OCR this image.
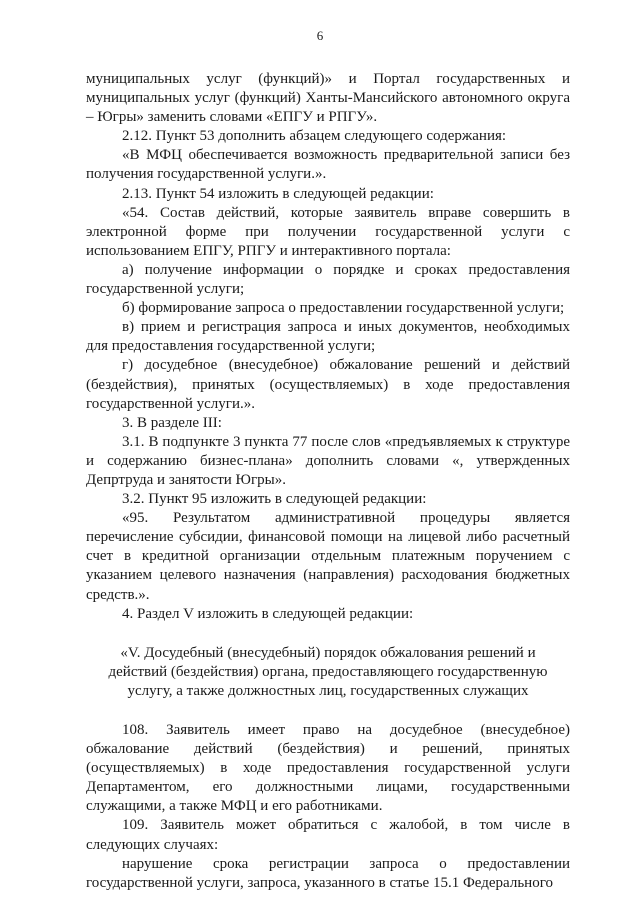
6

муниципальных услуг (функций)» и Портал государственных и муниципальных услуг (функций) Ханты-Мансийского автономного округа – Югры» заменить словами «ЕПГУ и РПГУ».

2.12. Пункт 53 дополнить абзацем следующего содержания:

«В МФЦ обеспечивается возможность предварительной записи без получения государственной услуги.».

2.13. Пункт 54 изложить в следующей редакции:

«54. Состав действий, которые заявитель вправе совершить в электронной форме при получении государственной услуги с использованием ЕПГУ, РПГУ и интерактивного портала:

а) получение информации о порядке и сроках предоставления государственной услуги;

б) формирование запроса о предоставлении государственной услуги;

в) прием и регистрация запроса и иных документов, необходимых для предоставления государственной услуги;

г) досудебное (внесудебное) обжалование решений и действий (бездействия), принятых (осуществляемых) в ходе предоставления государственной услуги.».

3. В разделе III:

3.1. В подпункте 3 пункта 77 после слов «предъявляемых к структуре и содержанию бизнес-плана» дополнить словами «, утвержденных Депртруда и занятости Югры».

3.2. Пункт 95 изложить в следующей редакции:

«95. Результатом административной процедуры является перечисление субсидии, финансовой помощи на лицевой либо расчетный счет в кредитной организации отдельным платежным поручением с указанием целевого назначения (направления) расходования бюджетных средств.».

4. Раздел V изложить в следующей редакции:

«V. Досудебный (внесудебный) порядок обжалования решений и действий (бездействия) органа, предоставляющего государственную услугу, а также должностных лиц, государственных служащих

108. Заявитель имеет право на досудебное (внесудебное) обжалование действий (бездействия) и решений, принятых (осуществляемых) в ходе предоставления государственной услуги Департаментом, его должностными лицами, государственными служащими, а также МФЦ и его работниками.

109. Заявитель может обратиться с жалобой, в том числе в следующих случаях:

нарушение срока регистрации запроса о предоставлении государственной услуги, запроса, указанного в статье 15.1 Федерального
